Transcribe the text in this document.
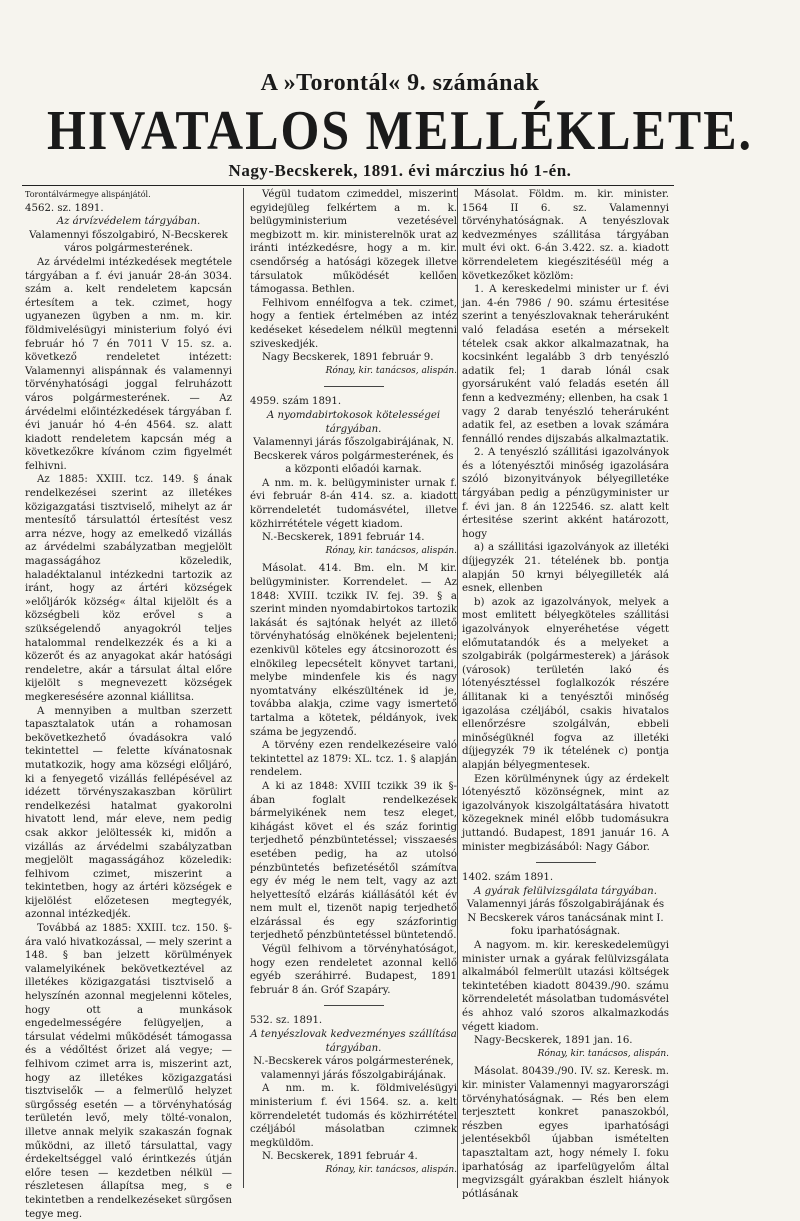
A »Torontál« 9. számának
HIVATALOS MELLÉKLETE.
Nagy-Becskerek, 1891. évi márczius hó 1-én.

Torontálvármegye alispánjától.

4562. sz. 1891.

Az árvízvédelem tárgyában.

Valamennyi főszolgabiró, N-Becskerek város polgármesterének.

Az árvédelmi intézkedések megtétele tárgyában a f. évi január 28-án 3034. szám a. kelt rendeletem kapcsán értesítem a tek. czimet, hogy ugyanezen ügyben a nm. m. kir. földmivelésügyi ministerium folyó évi február hó 7 én 7011 V 15. sz. a. következő rendeletet intézett: Valamennyi alispánnak és valamennyi törvényhatósági joggal felruházott város polgármesterének. — Az árvédelmi előintézkedések tárgyában f. évi január hó 4-én 4564. sz. alatt kiadott rendeletem kapcsán még a következőkre kívánom czim figyelmét felhivni.

Az 1885: XXIII. tcz. 149. § ának rendelkezései szerint az illetékes közigazgatási tisztviselő, mihelyt az ár mentesítő társulattól értesítést vesz arra nézve, hogy az emelkedő vizállás az árvédelmi szabályzatban megjelölt magasságához közeledik, haladéktalanul intézkedni tartozik az iránt, hogy az ártéri községek »előljárók község« által kijelölt és a községbeli köz erővel s a szükségelendő anyagokról teljes hatalommal rendelkezzék és a ki a közerőt és az anyagokat akár hatósági rendeletre, akár a társulat által előre kijelölt s megnevezett községek megkeresésére azonnal kiállitsa.

A mennyiben a multban szerzett tapasztalatok után a rohamosan bekövetkezhető óvadásokra való tekintettel — felette kívánatosnak mutatkozik, hogy ama községi előljáró, ki a fenyegető vizállás fellépésével az idézett törvényszakaszban körülirt rendelkezési hatalmat gyakorolni hivatott lend, már eleve, nem pedig csak akkor jelöltessék ki, midőn a vizállás az árvédelmi szabályzatban megjelölt magasságához közeledik: felhivom czimet, miszerint a tekintetben, hogy az ártéri községek e kijelölést előzetesen megtegyék, azonnal intézkedjék.

Továbbá az 1885: XXIII. tcz. 150. §-ára való hivatkozással, — mely szerint a 148. § ban jelzett körülmények valamelyikének bekövetkeztével az illetékes közigazgatási tisztviselő a helyszínén azonnal megjelenni köteles, hogy ott a munkások engedelmességére felügyeljen, a társulat védelmi működését támogassa és a védőltést őrizet alá vegye; — felhivom czimet arra is, miszerint azt, hogy az illetékes közigazgatási tisztviselők — a felmerülő helyzet sürgősség esetén — a törvényhatóság területén levő, mely tölté-vonalon, illetve annak melyik szakaszán fognak működni, az illető társulattal, vagy érdekeltséggel való érintkezés útján előre tesen — kezdetben nélkül — részletesen állapítsa meg, s e tekintetben a rendelkezéseket sürgősen tegye meg.

Végül tudatom czimeddel, miszerint egyidejüleg felkértem a m. k. belügyministerium vezetésével megbizott m. kir. ministerelnök urat az iránti intézkedésre, hogy a m. kir. csendőrség a hatósági közegek illetve társulatok működését kellően támogassa. Bethlen.

Felhivom ennélfogva a tek. czimet, hogy a fentiek értelmében az intéz kedéseket késedelem nélkül megtenni sziveskedjék.

Nagy Becskerek, 1891 február 9.

Rónay, kir. tanácsos, alispán.

4959. szám 1891.

A nyomdabirtokosok kötelességei tárgyában.

Valamennyi járás főszolgabirájának, N. Becskerek város polgármesterének, és a központi előadói karnak.

A nm. m. k. belügyminister urnak f. évi február 8-án 414. sz. a. kiadott körrendeletét tudomásvétel, illetve közhirrététele végett kiadom.

N.-Becskerek, 1891 február 14.

Rónay, kir. tanácsos, alispán.

Másolat. 414. Bm. eln. M kir. belügyminister. Korrendelet. — Az 1848: XVIII. tczikk IV. fej. 39. § a szerint minden nyomdabirtokos tartozik lakását és sajtónak helyét az illető törvényhatóság elnökének bejelenteni; ezenkivül köteles egy átcsinorozott és elnökileg lepecsételt könyvet tartani, melybe mindenfele kis és nagy nyomtatvány elkészültének id je, továbba alakja, czime vagy ismertető tartalma a kötetek, példányok, ivek száma be jegyzendő.

A törvény ezen rendelkezéseire való tekintettel az 1879: XL. tcz. 1. § alapján rendelem.

A ki az 1848: XVIII tczikk 39 ik §-ában foglalt rendelkezések bármelyikének nem tesz eleget, kihágást követ el és száz forintig terjedhető pénzbüntetéssel; visszaesés esetében pedig, ha az utolsó pénzbüntetés befizetésétől számítva egy év még le nem telt, vagy az azt helyettesítő elzárás kiállásától két év nem mult el, tizenöt napig terjedhető elzárással és egy százforintig terjedhető pénzbüntetéssel büntetendő.

Végül felhivom a törvényhatóságot, hogy ezen rendeletet azonnal kellő egyéb szeráhirré. Budapest, 1891 február 8 án. Gróf Szapáry.

532. sz. 1891.

A tenyészlovak kedvezményes szállítása tárgyában.

N.-Becskerek város polgármesterének, valamennyi járás főszolgabirájának.

A nm. m. k. földmivelésügyi ministerium f. évi 1564. sz. a. kelt körrendeletét tudomás és közhirrététel czéljából másolatban czimnek megküldöm.

N. Becskerek, 1891 február 4.

Rónay, kir. tanácsos, alispán.

Másolat. Földm. m. kir. minister. 1564 II 6. sz. Valamennyi törvényhatóságnak. A tenyészlovak kedvezményes szállitása tárgyában mult évi okt. 6-án 3.422. sz. a. kiadott körrendeletem kiegészitéséül még a következőket közlöm:

1. A kereskedelmi minister ur f. évi jan. 4-én 7986 / 90. számu értesitése szerint a tenyészlovaknak teheráruként való feladása esetén a mérsekelt tételek csak akkor alkalmazatnak, ha kocsinként legalább 3 drb tenyészló adatik fel; 1 darab lónál csak gyorsáruként való feladás esetén áll fenn a kedvezmény; ellenben, ha csak 1 vagy 2 darab tenyészló teheráruként adatik fel, az esetben a lovak számára fennálló rendes dijszabás alkalmaztatik.

2. A tenyészló szállitási igazolványok és a lótenyésztői minőség igazolására szóló bizonyitványok bélyegilletéke tárgyában pedig a pénzügyminister ur f. évi jan. 8 án 122546. sz. alatt kelt értesitése szerint akként határozott, hogy

a) a szállitási igazolványok az illetéki díjjegyzék 21. tételének bb. pontja alapján 50 krnyi bélyegilleték alá esnek, ellenben

b) azok az igazolványok, melyek a most emlitett bélyegköteles szállitási igazolványok elnyeréhetése végett előmutatandók és a melyeket a szolgabirák (polgármesterek) a járások (városok) területén lakó és lótenyésztéssel foglalkozók részére állitanak ki a tenyésztői minőség igazolása czéljából, csakis hivatalos ellenőrzésre szolgálván, ebbeli minőségüknél fogva az illetéki díjjegyzék 79 ik tételének c) pontja alapján bélyegmentesek.

Ezen körülménynek úgy az érdekelt lótenyésztő közönségnek, mint az igazolványok kiszolgáltatására hivatott közegeknek minél előbb tudomásukra juttandó. Budapest, 1891 január 16. A minister megbizásából: Nagy Gábor.

1402. szám 1891.

A gyárak felülvizsgálata tárgyában.

Valamennyi járás főszolgabirájának és N Becskerek város tanácsának mint I. foku iparhatóságnak.

A nagyom. m. kir. kereskedelemügyi minister urnak a gyárak felülvizsgálata alkalmából felmerült utazási költségek tekintetében kiadott 80439./90. számu körrendeletét másolatban tudomásvétel és ahhoz való szoros alkalmazkodás végett kiadom.

Nagy-Becskerek, 1891 jan. 16.

Rónay, kir. tanácsos, alispán.

Másolat. 80439./90. IV. sz. Keresk. m. kir. minister Valamennyi magyarországi törvényhatóságnak. — Rés ben elem terjesztett konkret panaszokból, részben egyes iparhatósági jelentésekből újabban ismételten tapasztaltam azt, hogy némely I. foku iparhatóság az iparfelügyelőm által megvizsgált gyárakban észlelt hiányok pótlásának
